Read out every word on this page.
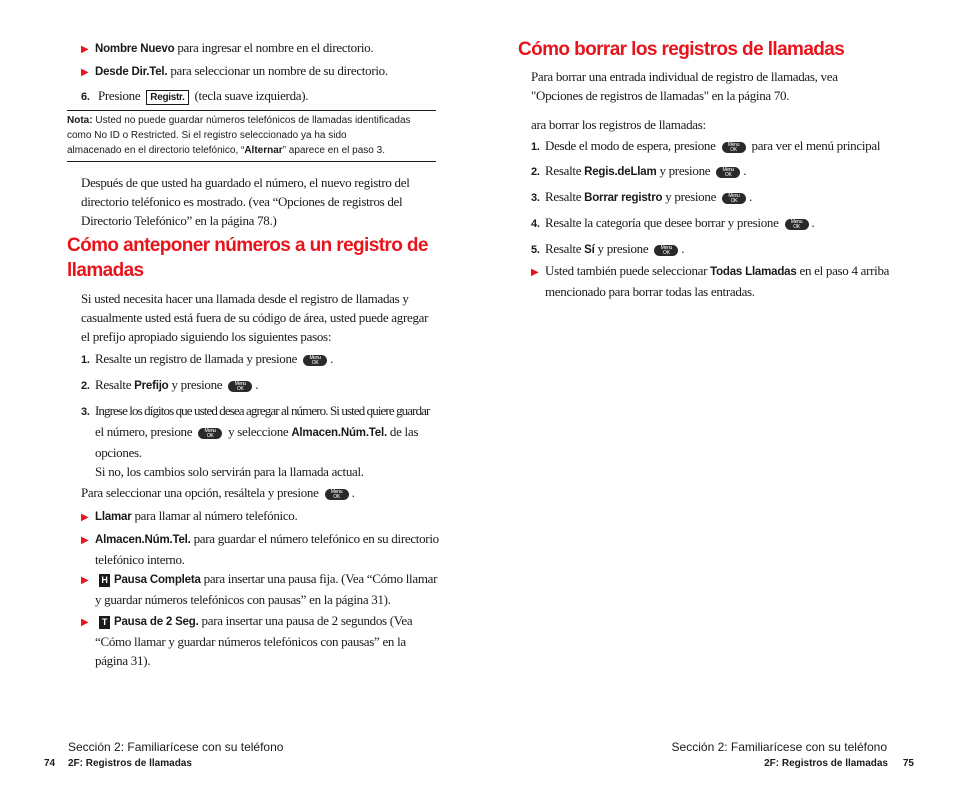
▶ Nombre Nuevo para ingresar el nombre en el directorio.
▶ Desde Dir.Tel. para seleccionar un nombre de su directorio.
6. Presione Registr. (tecla suave izquierda).
Nota: Usted no puede guardar números telefónicos de llamadas identificadas
como No ID o Restricted. Si el registro seleccionado ya ha sido
almacenado en el directorio telefónico, “Alternar” aparece en el paso 3.
Después de que usted ha guardado el número, el nuevo registro del
directorio teléfonico es mostrado. (vea “Opciones de registros del
Directorio Telefónico” en la página 78.)
Cómo anteponer números a un registro de
llamadas
Si usted necesita hacer una llamada desde el registro de llamadas y
casualmente usted está fuera de su código de área, usted puede agregar
el prefijo apropiado siguiendo los siguientes pasos:
1. Resalte un registro de llamada y presione Menu
OK .
2. Resalte Prefijo y presione Menu
OK .
3. Ingrese los dígitos que usted desea agregar al número. Si usted quiere guardar
el número, presione Menu
OK y seleccione Almacen.Núm.Tel. de las
opciones.
Si no, los cambios solo servirán para la llamada actual.
Para seleccionar una opción, resáltela y presione Menu
OK .
▶ Llamar para llamar al número telefónico.
▶ Almacen.Núm.Tel. para guardar el número telefónico en su directorio
telefónico interno.
▶ H Pausa Completa para insertar una pausa fija. (Vea “Cómo llamar
y guardar números telefónicos con pausas” en la página 31).
▶ T Pausa de 2 Seg. para insertar una pausa de 2 segundos (Vea
“Cómo llamar y guardar números telefónicos con pausas” en la
página 31).
Sección 2: Familiarícese con su teléfono
74 2F: Registros de llamadas
Cómo borrar los registros de llamadas
Para borrar una entrada individual de registro de llamadas, vea
"Opciones de registros de llamadas" en la página 70.
ara borrar los registros de llamadas:
1. Desde el modo de espera, presione Menu
OK para ver el menú principal
2. Resalte Regis.deLlam y presione Menu
OK .
3. Resalte Borrar registro y presione Menu
OK .
4. Resalte la categoría que desee borrar y presione Menu
OK .
5. Resalte Sí y presione Menu
OK .
▶ Usted también puede seleccionar Todas Llamadas en el paso 4 arriba
mencionado para borrar todas las entradas.
Sección 2: Familiarícese con su teléfono
2F: Registros de llamadas 75
